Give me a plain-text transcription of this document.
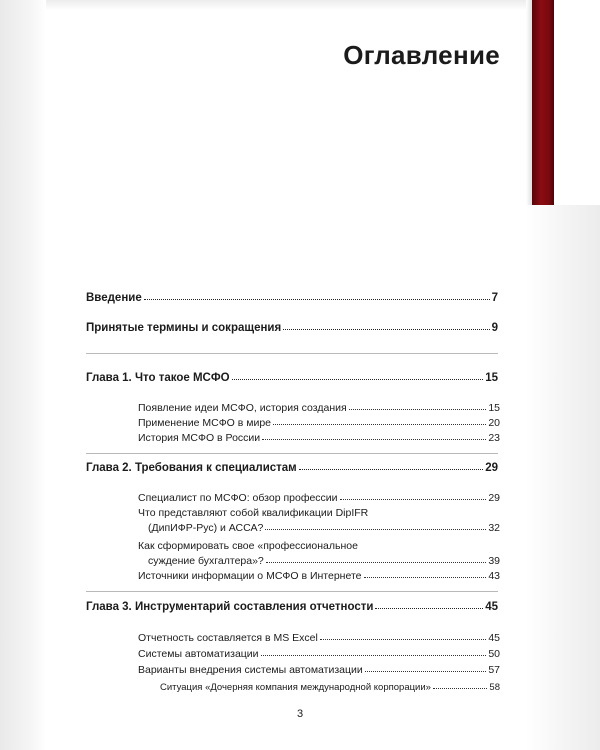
Оглавление
Введение	7
Принятые термины и сокращения	9
Глава 1. Что такое МСФО	15
Появление идеи МСФО, история создания	15
Применение МСФО в мире	20
История МСФО в России	23
Глава 2. Требования к специалистам	29
Специалист по МСФО: обзор профессии	29
Что представляют собой квалификации DipIFR
(ДипИФР-Рус) и АССА?	32
Как сформировать свое «профессиональное
суждение бухгалтера»?	39
Источники информации о МСФО в Интернете	43
Глава 3. Инструментарий составления отчетности	45
Отчетность составляется в MS Excel	45
Системы автоматизации	50
Варианты внедрения системы автоматизации	57
Ситуация «Дочерняя компания международной корпорации»	58
3
